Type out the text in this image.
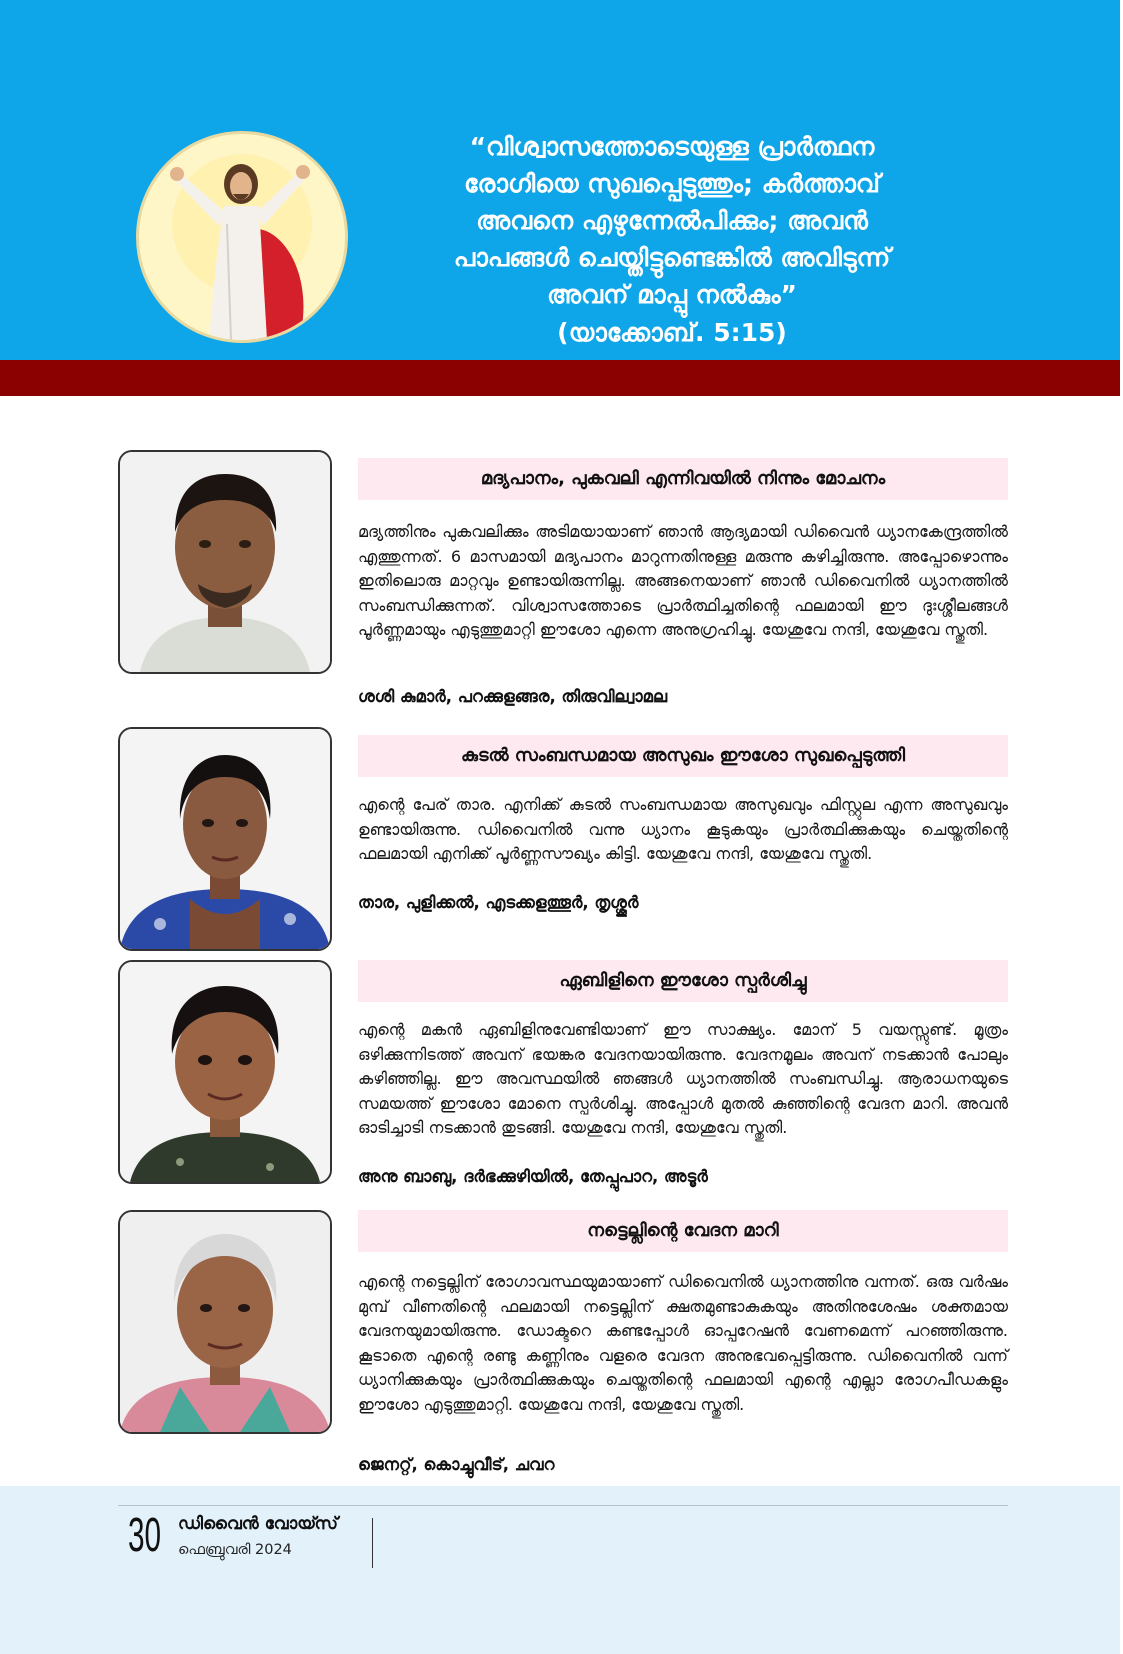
“വിശ്വാസത്തോടെയുള്ള പ്രാർത്ഥന
രോഗിയെ സുഖപ്പെടുത്തും; കർത്താവ്
അവനെ എഴുന്നേൽപിക്കും; അവൻ
പാപങ്ങൾ ചെയ്തിട്ടുണ്ടെങ്കിൽ അവിടുന്ന്
അവന് മാപ്പു നൽകും”
(യാക്കോബ്. 5:15)
മദ്യപാനം, പുകവലി എന്നിവയിൽ നിന്നും മോചനം
മദ്യത്തിനും പുകവലിക്കും അടിമയായാണ് ഞാൻ ആദ്യമായി ഡിവൈൻ ധ്യാനകേന്ദ്രത്തിൽ എത്തുന്നത്. 6 മാസമായി മദ്യപാനം മാറുന്നതിനുള്ള മരുന്നു കഴിച്ചിരുന്നു. അപ്പോഴൊന്നും ഇതിലൊരു മാറ്റവും ഉണ്ടായിരുന്നില്ല. അങ്ങനെയാണ് ഞാൻ ഡിവൈനിൽ ധ്യാനത്തിൽ സംബന്ധിക്കുന്നത്. വിശ്വാസത്തോടെ പ്രാർത്ഥിച്ചതിന്റെ ഫലമായി ഈ ദുഃശ്ശീലങ്ങൾ പൂർണ്ണമായും എടുത്തുമാറ്റി ഈശോ എന്നെ അനുഗ്രഹിച്ചു. യേശുവേ നന്ദി, യേശുവേ സ്തുതി.
ശശി കുമാർ, പറക്കുളങ്ങര, തിരുവില്വാമല
കുടൽ സംബന്ധമായ അസുഖം ഈശോ സുഖപ്പെടുത്തി
എന്റെ പേര് താര. എനിക്ക് കുടൽ സംബന്ധമായ അസുഖവും ഫിസ്റ്റുല എന്ന അസുഖവും ഉണ്ടായിരുന്നു. ഡിവൈനിൽ വന്നു ധ്യാനം കൂടുകയും പ്രാർത്ഥിക്കുകയും ചെയ്തതിന്റെ ഫലമായി എനിക്ക് പൂർണ്ണസൗഖ്യം കിട്ടി. യേശുവേ നന്ദി, യേശുവേ സ്തുതി.
താര, പുളിക്കൽ, എടക്കളത്തൂർ, തൃശ്ശൂർ
ഏബിളിനെ ഈശോ സ്പർശിച്ചു
എന്റെ മകൻ ഏബിളിനുവേണ്ടിയാണ് ഈ സാക്ഷ്യം. മോന് 5 വയസ്സുണ്ട്. മൂത്രം ഒഴിക്കുന്നിടത്ത് അവന് ഭയങ്കര വേദനയായിരുന്നു. വേദനമൂലം അവന് നടക്കാൻ പോലും കഴിഞ്ഞില്ല. ഈ അവസ്ഥയിൽ ഞങ്ങൾ ധ്യാനത്തിൽ സംബന്ധിച്ചു. ആരാധനയുടെ സമയത്ത് ഈശോ മോനെ സ്പർശിച്ചു. അപ്പോൾ മുതൽ കുഞ്ഞിന്റെ വേദന മാറി. അവൻ ഓടിച്ചാടി നടക്കാൻ തുടങ്ങി. യേശുവേ നന്ദി, യേശുവേ സ്തുതി.
അനു ബാബു, ദർഭക്കുഴിയിൽ, തേപ്പുപാറ, അടൂർ
നട്ടെല്ലിന്റെ വേദന മാറി
എന്റെ നട്ടെല്ലിന് രോഗാവസ്ഥയുമായാണ് ഡിവൈനിൽ ധ്യാനത്തിനു വന്നത്. ഒരു വർഷം മുമ്പ് വീണതിന്റെ ഫലമായി നട്ടെല്ലിന് ക്ഷതമുണ്ടാകുകയും അതിനുശേഷം ശക്തമായ വേദനയുമായിരുന്നു. ഡോക്ടറെ കണ്ടപ്പോൾ ഓപ്പറേഷൻ വേണമെന്ന് പറഞ്ഞിരുന്നു. കൂടാതെ എന്റെ രണ്ടു കണ്ണിനും വളരെ വേദന അനുഭവപ്പെട്ടിരുന്നു. ഡിവൈനിൽ വന്ന് ധ്യാനിക്കുകയും പ്രാർത്ഥിക്കുകയും ചെയ്തതിന്റെ ഫലമായി എന്റെ എല്ലാ രോഗപീഡകളും ഈശോ എടുത്തുമാറ്റി. യേശുവേ നന്ദി, യേശുവേ സ്തുതി.
ജെനറ്റ്, കൊച്ചുവീട്, ചവറ
30 ഡിവൈൻ വോയ്സ്
ഫെബ്രുവരി 2024
